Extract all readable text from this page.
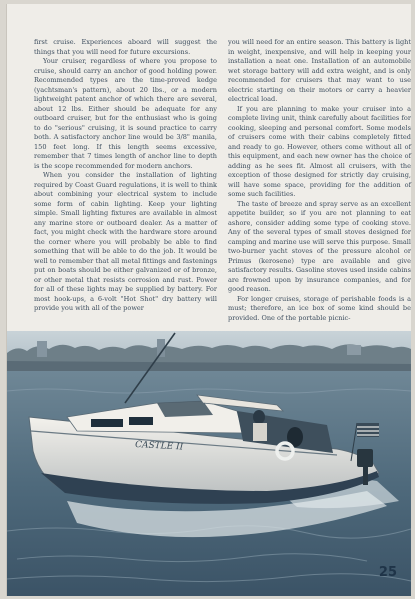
first cruise. Experiences aboard will suggest the things that you will need for future excursions.

Your cruiser, regardless of where you propose to cruise, should carry an anchor of good holding power. Recommended types are the time-proved kedge (yachtsman's pattern), about 20 lbs., or a modern lightweight patent anchor of which there are several, about 12 lbs. Either should be adequate for any outboard cruiser, but for the enthusiast who is going to do "serious" cruising, it is sound practice to carry both. A satisfactory anchor line would be 3/8" manila, 150 feet long. If this length seems excessive, remember that 7 times length of anchor line to depth is the scope recommended for modern anchors.

When you consider the installation of lighting required by Coast Guard regulations, it is well to think about combining your electrical system to include some form of cabin lighting. Keep your lighting simple. Small lighting fixtures are available in almost any marine store or outboard dealer. As a matter of fact, you might check with the hardware store around the corner where you will probably be able to find something that will be able to do the job. It would be well to remember that all metal fittings and fastenings put on boats should be either galvanized or of bronze, or other metal that resists corrosion and rust. Power for all of these lights may be supplied by battery. For most hook-ups, a 6-volt "Hot Shot" dry battery will provide you with all of the power

you will need for an entire season. This battery is light in weight, inexpensive, and will help in keeping your installation a neat one. Installation of an automobile wet storage battery will add extra weight, and is only recommended for cruisers that may want to use electric starting on their motors or carry a heavier electrical load.

If you are planning to make your cruiser into a complete living unit, think carefully about facilities for cooking, sleeping and personal comfort. Some models of cruisers come with their cabins completely fitted and ready to go. However, others come without all of this equipment, and each new owner has the choice of adding as he sees fit. Almost all cruisers, with the exception of those designed for strictly day cruising, will have some space, providing for the addition of some such facilities.

The taste of breeze and spray serve as an excellent appetite builder, so if you are not planning to eat ashore, consider adding some type of cooking stove. Any of the several types of small stoves designed for camping and marine use will serve this purpose. Small two-burner yacht stoves of the pressure alcohol or Primus (kerosene) type are available and give satisfactory results. Gasoline stoves used inside cabins are frowned upon by insurance companies, and for good reason.

For longer cruises, storage of perishable foods is a must; therefore, an ice box of some kind should be provided. One of the portable picnic-

CASTLE II
25
